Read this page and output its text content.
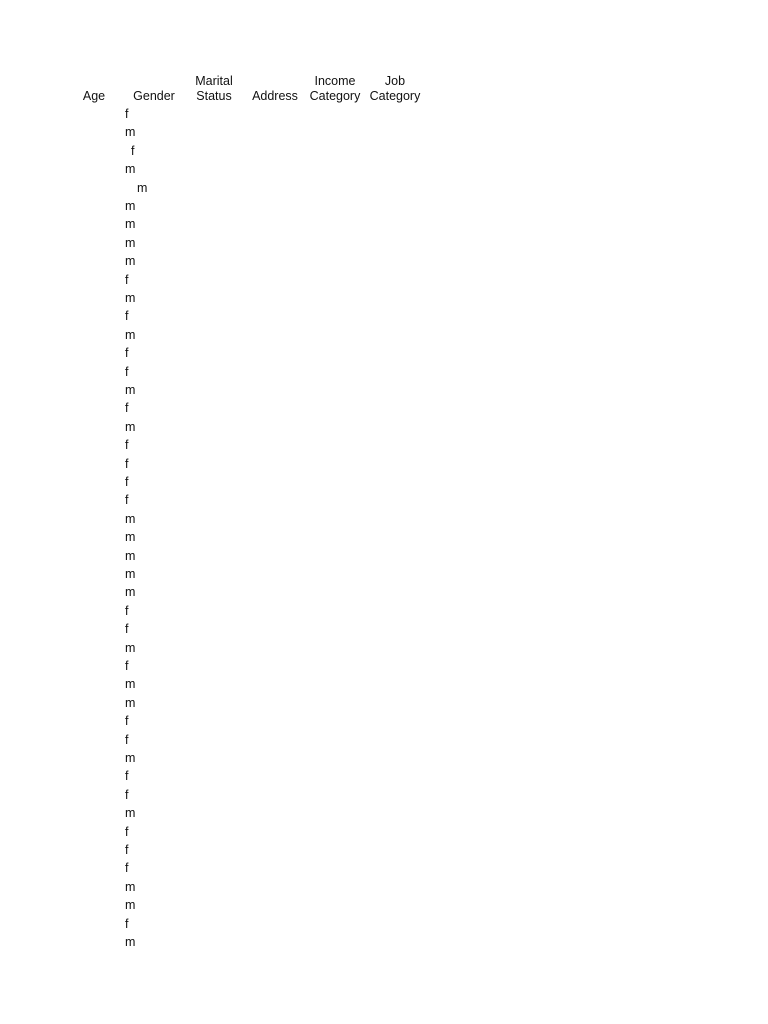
Age	Gender
Marital
Status	Address
Income
Category
Job
Category
f
m
f
m
m
m
m
m
m
f
m
f
m
f
f
m
f
m
f
f
f
f
m
m
m
m
m
f
f
m
f
m
m
f
f
m
f
f
m
f
f
f
m
m
f
m
